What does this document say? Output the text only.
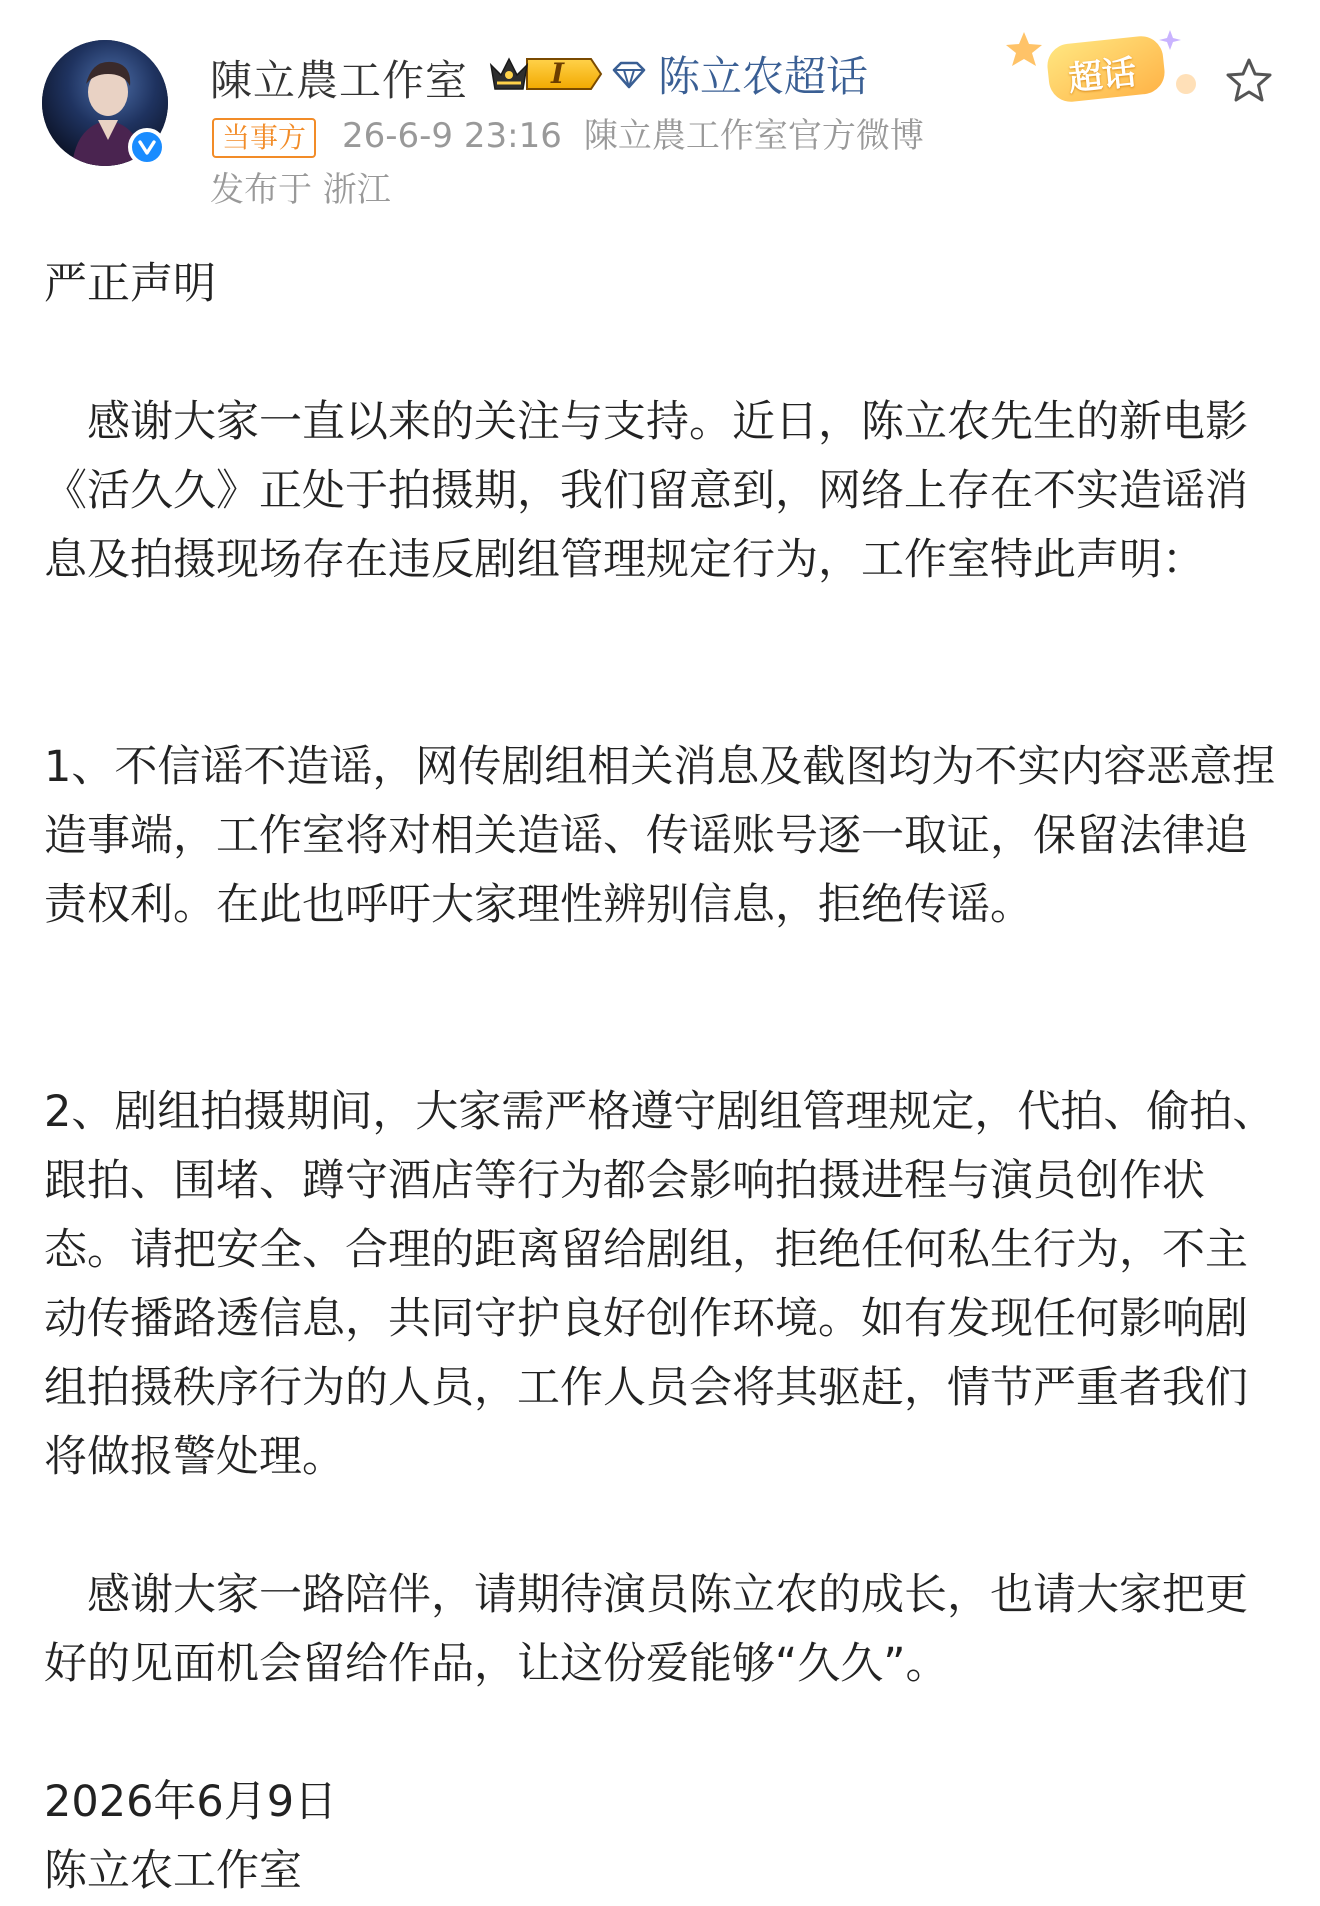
陳立農工作室	I 陈立农超话	超话
当事方 26-6-9 23:16 陳立農工作室官方微博
发布于 浙江

严正声明

感谢大家一直以来的关注与支持。近日，陈立农先生的新电影《活久久》正处于拍摄期，我们留意到，网络上存在不实造谣消息及拍摄现场存在违反剧组管理规定行为，工作室特此声明：

1、不信谣不造谣，网传剧组相关消息及截图均为不实内容恶意捏造事端，工作室将对相关造谣、传谣账号逐一取证，保留法律追责权利。在此也呼吁大家理性辨别信息，拒绝传谣。

2、剧组拍摄期间，大家需严格遵守剧组管理规定，代拍、偷拍、跟拍、围堵、蹲守酒店等行为都会影响拍摄进程与演员创作状态。请把安全、合理的距离留给剧组，拒绝任何私生行为，不主动传播路透信息，共同守护良好创作环境。如有发现任何影响剧组拍摄秩序行为的人员，工作人员会将其驱赶，情节严重者我们将做报警处理。

感谢大家一路陪伴，请期待演员陈立农的成长，也请大家把更好的见面机会留给作品，让这份爱能够“久久”。

2026年6月9日

陈立农工作室
